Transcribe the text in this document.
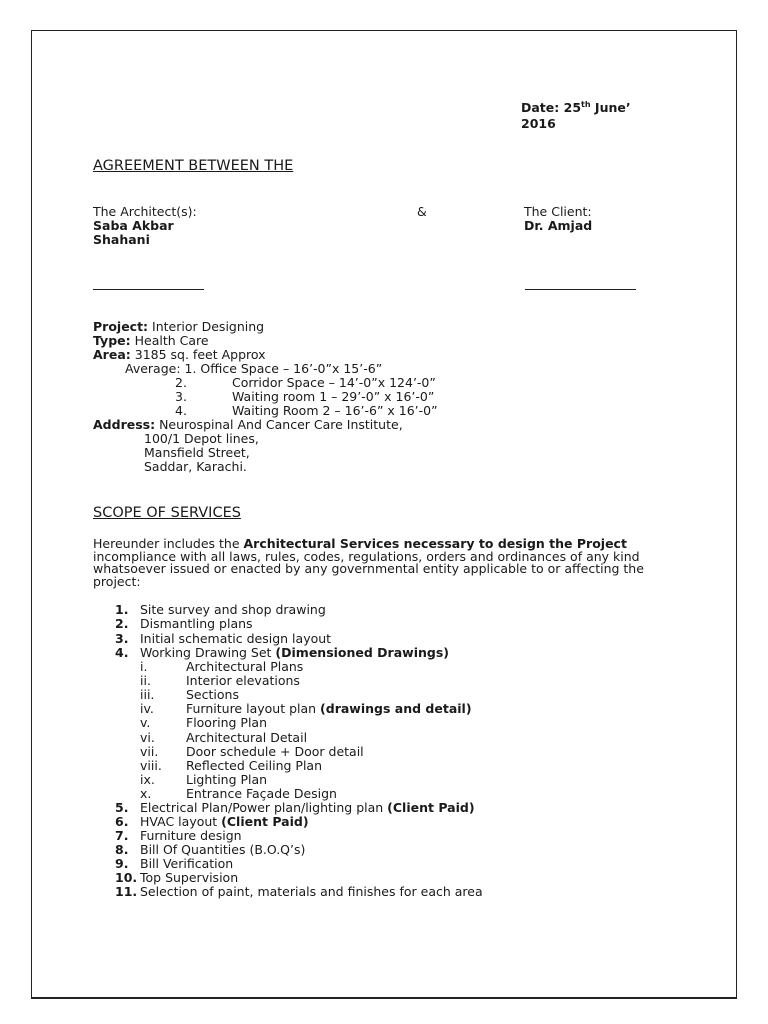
Date: 25th June’
2016
AGREEMENT BETWEEN THE
The Architect(s):
Saba Akbar
Shahani
&	The Client:
Dr. Amjad
Project: Interior Designing
Type: Health Care
Area: 3185 sq. feet Approx
Average: 1. Office Space – 16’-0”x 15’-6”
2.	Corridor Space – 14’-0”x 124’-0”
3.	Waiting room 1 – 29’-0” x 16’-0”
4.	Waiting Room 2 – 16’-6” x 16’-0”
Address: Neurospinal And Cancer Care Institute,
100/1 Depot lines,
Mansfield Street,
Saddar, Karachi.
SCOPE OF SERVICES
Hereunder includes the Architectural Services necessary to design the Project incompliance with all laws, rules, codes, regulations, orders and ordinances of any kind whatsoever issued or enacted by any governmental entity applicable to or affecting the project:
1. Site survey and shop drawing
2. Dismantling plans
3. Initial schematic design layout
4. Working Drawing Set (Dimensioned Drawings)
i.	Architectural Plans
ii.	Interior elevations
iii.	Sections
iv.	Furniture layout plan (drawings and detail)
v.	Flooring Plan
vi. Architectural Detail
vii. Door schedule + Door detail
viii. Reflected Ceiling Plan
ix. Lighting Plan
x.	Entrance Façade Design
5. Electrical Plan/Power plan/lighting plan (Client Paid)
6. HVAC layout (Client Paid)
7. Furniture design
8. Bill Of Quantities (B.O.Q’s)
9. Bill Verification
10. Top Supervision
11. Selection of paint, materials and finishes for each area
